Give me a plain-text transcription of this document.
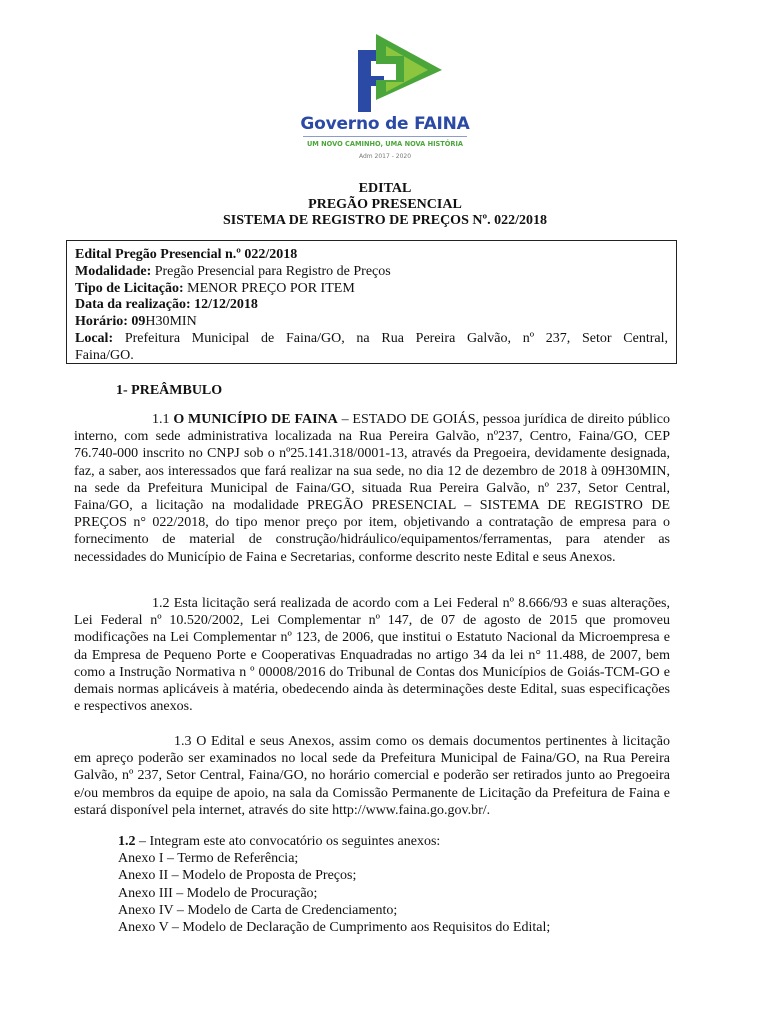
Governo de FAINA
UM NOVO CAMINHO, UMA NOVA HISTÓRIA
Adm 2017 - 2020
EDITAL
PREGÃO PRESENCIAL
SISTEMA DE REGISTRO DE PREÇOS Nº. 022/2018
Edital Pregão Presencial n.º 022/2018
Modalidade: Pregão Presencial para Registro de Preços
Tipo de Licitação: MENOR PREÇO POR ITEM
Data da realização: 12/12/2018
Horário: 09H30MIN
Local: Prefeitura Municipal de Faina/GO, na Rua Pereira Galvão, nº 237, Setor Central,
Faina/GO.
1- PREÂMBULO
1.1 O MUNICÍPIO DE FAINA – ESTADO DE GOIÁS, pessoa jurídica de direito público interno, com sede administrativa localizada na Rua Pereira Galvão, nº237, Centro, Faina/GO, CEP 76.740-000 inscrito no CNPJ sob o nº25.141.318/0001-13, através da Pregoeira, devidamente designada, faz, a saber, aos interessados que fará realizar na sua sede, no dia 12 de dezembro de 2018 à 09H30MIN, na sede da Prefeitura Municipal de Faina/GO, situada Rua Pereira Galvão, nº 237, Setor Central, Faina/GO, a licitação na modalidade PREGÃO PRESENCIAL – SISTEMA DE REGISTRO DE PREÇOS n° 022/2018, do tipo menor preço por item, objetivando a contratação de empresa para o fornecimento de material de construção/hidráulico/equipamentos/ferramentas, para atender as necessidades do Município de Faina e Secretarias, conforme descrito neste Edital e seus Anexos.
1.2 Esta licitação será realizada de acordo com a Lei Federal nº 8.666/93 e suas alterações, Lei Federal nº 10.520/2002, Lei Complementar nº 147, de 07 de agosto de 2015 que promoveu modificações na Lei Complementar nº 123, de 2006, que institui o Estatuto Nacional da Microempresa e da Empresa de Pequeno Porte e Cooperativas Enquadradas no artigo 34 da lei n° 11.488, de 2007, bem como a Instrução Normativa n º 00008/2016 do Tribunal de Contas dos Municípios de Goiás-TCM-GO e demais normas aplicáveis à matéria, obedecendo ainda às determinações deste Edital, suas especificações e respectivos anexos.
1.3 O Edital e seus Anexos, assim como os demais documentos pertinentes à licitação em apreço poderão ser examinados no local sede da Prefeitura Municipal de Faina/GO, na Rua Pereira Galvão, nº 237, Setor Central, Faina/GO, no horário comercial e poderão ser retirados junto ao Pregoeira e/ou membros da equipe de apoio, na sala da Comissão Permanente de Licitação da Prefeitura de Faina e estará disponível pela internet, através do site http://www.faina.go.gov.br/.
1.2 – Integram este ato convocatório os seguintes anexos:
Anexo I – Termo de Referência;
Anexo II – Modelo de Proposta de Preços;
Anexo III – Modelo de Procuração;
Anexo IV – Modelo de Carta de Credenciamento;
Anexo V – Modelo de Declaração de Cumprimento aos Requisitos do Edital;
